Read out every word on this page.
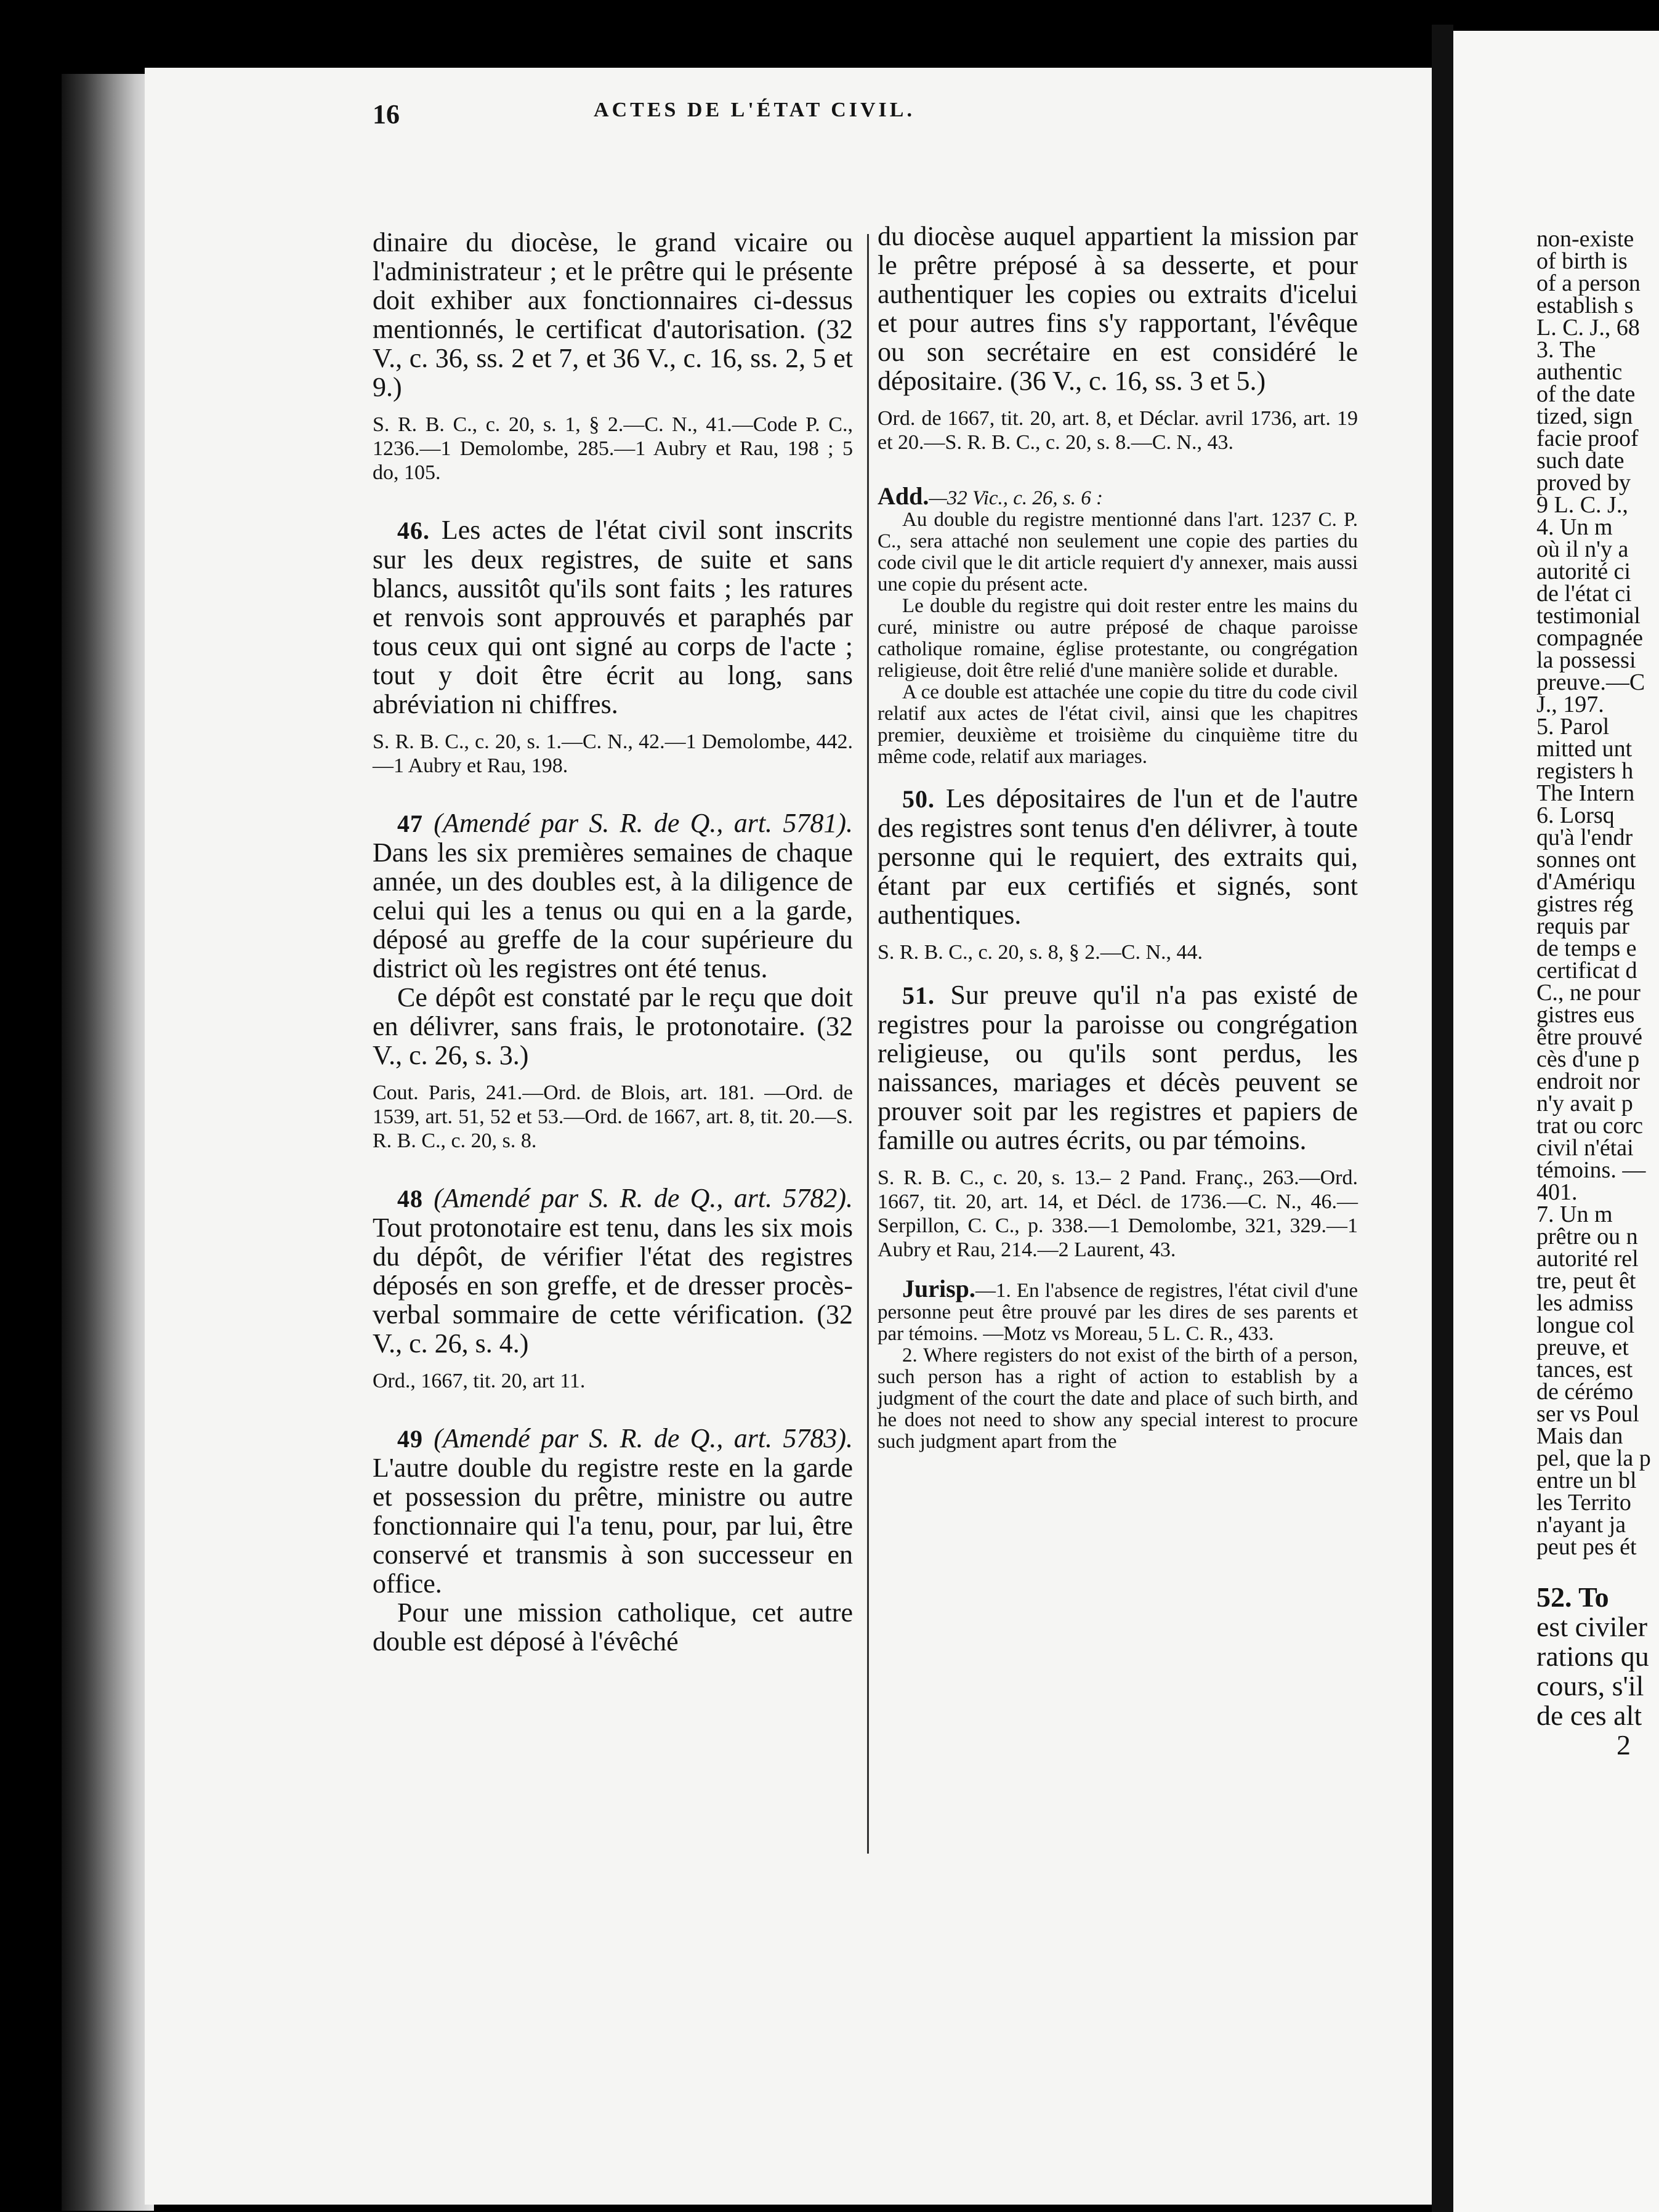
16	ACTES DE L'ÉTAT CIVIL.

dinaire du diocèse, le grand vicaire ou l'administrateur ; et le prêtre qui le présente doit exhiber aux fonctionnaires ci-dessus mentionnés, le certificat d'autorisation. (32 V., c. 36, ss. 2 et 7, et 36 V., c. 16, ss. 2, 5 et 9.)

S. R. B. C., c. 20, s. 1, § 2.—C. N., 41.—Code P. C., 1236.—1 Demolombe, 285.—1 Aubry et Rau, 198 ; 5 do, 105.

46. Les actes de l'état civil sont inscrits sur les deux registres, de suite et sans blancs, aussitôt qu'ils sont faits ; les ratures et renvois sont approuvés et paraphés par tous ceux qui ont signé au corps de l'acte ; tout y doit être écrit au long, sans abréviation ni chiffres.

S. R. B. C., c. 20, s. 1.—C. N., 42.—1 Demolombe, 442.—1 Aubry et Rau, 198.

47 (Amendé par S. R. de Q., art. 5781). Dans les six premières semaines de chaque année, un des doubles est, à la diligence de celui qui les a tenus ou qui en a la garde, déposé au greffe de la cour supérieure du district où les registres ont été tenus.

Ce dépôt est constaté par le reçu que doit en délivrer, sans frais, le protonotaire. (32 V., c. 26, s. 3.)

Cout. Paris, 241.—Ord. de Blois, art. 181. —Ord. de 1539, art. 51, 52 et 53.—Ord. de 1667, art. 8, tit. 20.—S. R. B. C., c. 20, s. 8.

48 (Amendé par S. R. de Q., art. 5782). Tout protonotaire est tenu, dans les six mois du dépôt, de vérifier l'état des registres déposés en son greffe, et de dresser procès-verbal sommaire de cette vérification. (32 V., c. 26, s. 4.)

Ord., 1667, tit. 20, art 11.

49 (Amendé par S. R. de Q., art. 5783). L'autre double du registre reste en la garde et possession du prêtre, ministre ou autre fonctionnaire qui l'a tenu, pour, par lui, être conservé et transmis à son successeur en office.

Pour une mission catholique, cet autre double est déposé à l'évêché

du diocèse auquel appartient la mission par le prêtre préposé à sa desserte, et pour authentiquer les copies ou extraits d'icelui et pour autres fins s'y rapportant, l'évêque ou son secrétaire en est considéré le dépositaire. (36 V., c. 16, ss. 3 et 5.)

Ord. de 1667, tit. 20, art. 8, et Déclar. avril 1736, art. 19 et 20.—S. R. B. C., c. 20, s. 8.—C. N., 43.

Add.—32 Vic., c. 26, s. 6 :

Au double du registre mentionné dans l'art. 1237 C. P. C., sera attaché non seulement une copie des parties du code civil que le dit article requiert d'y annexer, mais aussi une copie du présent acte.

Le double du registre qui doit rester entre les mains du curé, ministre ou autre préposé de chaque paroisse catholique romaine, église protestante, ou congrégation religieuse, doit être relié d'une manière solide et durable.

A ce double est attachée une copie du titre du code civil relatif aux actes de l'état civil, ainsi que les chapitres premier, deuxième et troisième du cinquième titre du même code, relatif aux mariages.

50. Les dépositaires de l'un et de l'autre des registres sont tenus d'en délivrer, à toute personne qui le requiert, des extraits qui, étant par eux certifiés et signés, sont authentiques.

S. R. B. C., c. 20, s. 8, § 2.—C. N., 44.

51. Sur preuve qu'il n'a pas existé de registres pour la paroisse ou congrégation religieuse, ou qu'ils sont perdus, les naissances, mariages et décès peuvent se prouver soit par les registres et papiers de famille ou autres écrits, ou par témoins.

S. R. B. C., c. 20, s. 13.– 2 Pand. Franç., 263.—Ord. 1667, tit. 20, art. 14, et Décl. de 1736.—C. N., 46.—Serpillon, C. C., p. 338.—1 Demolombe, 321, 329.—1 Aubry et Rau, 214.—2 Laurent, 43.

Jurisp.—1. En l'absence de registres, l'état civil d'une personne peut être prouvé par les dires de ses parents et par témoins. —Motz vs Moreau, 5 L. C. R., 433.

2. Where registers do not exist of the birth of a person, such person has a right of action to establish by a judgment of the court the date and place of such birth, and he does not need to show any special interest to procure such judgment apart from the

non-existe
of birth is
of a person
establish s
L. C. J., 68
3. The
authentic
of the date
tized, sign
facie proof
such date
proved by
9 L. C. J.,
4. Un m
où il n'y a
autorité ci
de l'état ci
testimonial
compagnée
la possessi
preuve.—C
J., 197.
5. Parol
mitted unt
registers h
The Intern
6. Lorsq
qu'à l'endr
sonnes ont
d'Amériqu
gistres rég
requis par
de temps e
certificat d
C., ne pour
gistres eus
être prouvé
cès d'une p
endroit nor
n'y avait p
trat ou corc
civil n'étai
témoins. —
401.
7. Un m
prêtre ou n
autorité rel
tre, peut êt
les admiss
longue col
preuve, et
tances, est
de cérémo
ser vs Poul
Mais dan
pel, que la p
entre un bl
les Territo
n'ayant ja
peut pes ét
52. To
est civiler
rations qu
cours, s'il
de ces alt
2
